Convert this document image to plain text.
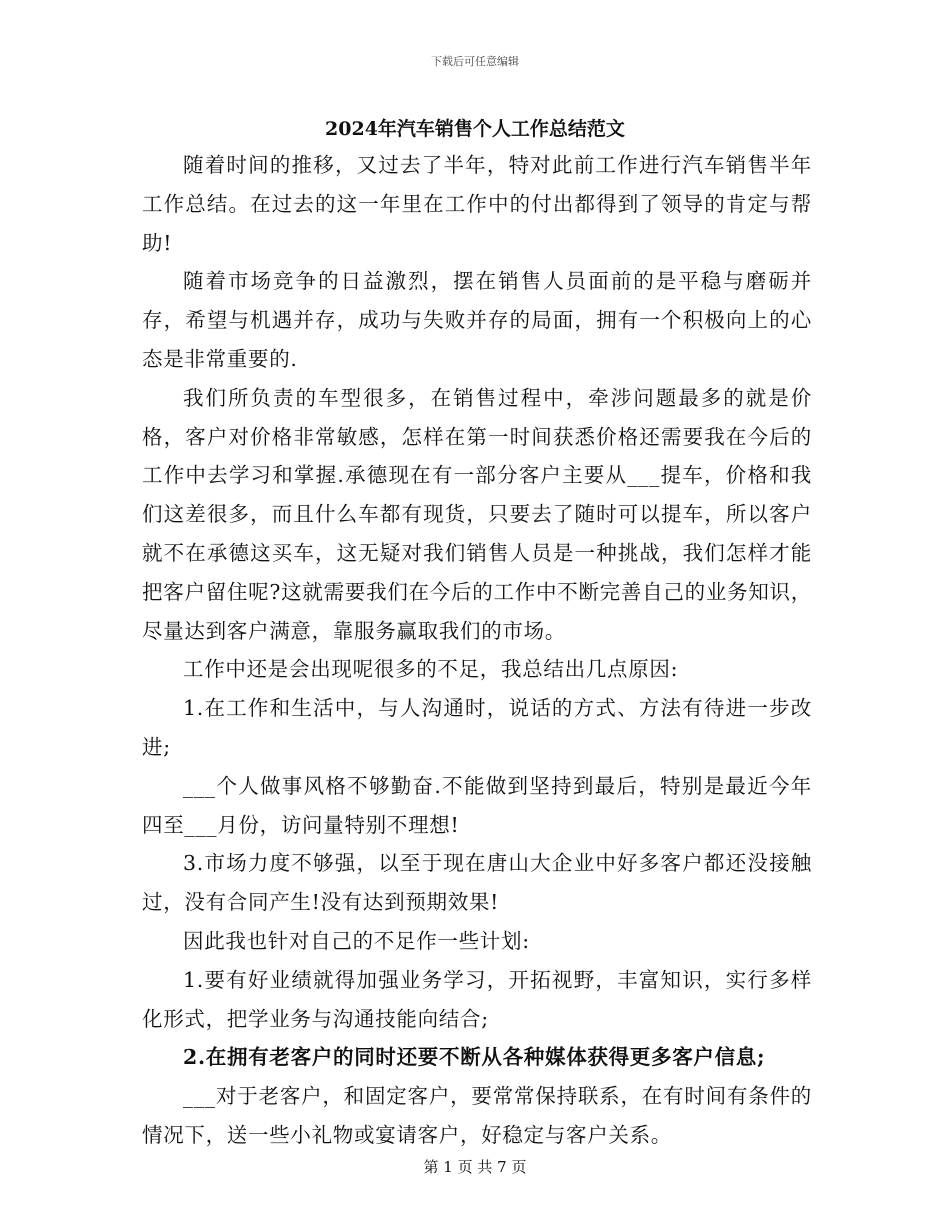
下载后可任意编辑
2024年汽车销售个人工作总结范文

随着时间的推移，又过去了半年，特对此前工作进行汽车销售半年工作总结。在过去的这一年里在工作中的付出都得到了领导的肯定与帮助!

随着市场竞争的日益激烈，摆在销售人员面前的是平稳与磨砺并存，希望与机遇并存，成功与失败并存的局面，拥有一个积极向上的心态是非常重要的.

我们所负责的车型很多，在销售过程中，牵涉问题最多的就是价格，客户对价格非常敏感，怎样在第一时间获悉价格还需要我在今后的工作中去学习和掌握.承德现在有一部分客户主要从___提车，价格和我们这差很多，而且什么车都有现货，只要去了随时可以提车，所以客户就不在承德这买车，这无疑对我们销售人员是一种挑战，我们怎样才能把客户留住呢?这就需要我们在今后的工作中不断完善自己的业务知识，尽量达到客户满意，靠服务赢取我们的市场。

工作中还是会出现呢很多的不足，我总结出几点原因:

1.在工作和生活中，与人沟通时，说话的方式、方法有待进一步改进;

___个人做事风格不够勤奋.不能做到坚持到最后，特别是最近今年四至___月份，访问量特别不理想!

3.市场力度不够强，以至于现在唐山大企业中好多客户都还没接触过，没有合同产生!没有达到预期效果!

因此我也针对自己的不足作一些计划:

1.要有好业绩就得加强业务学习，开拓视野，丰富知识，实行多样化形式，把学业务与沟通技能向结合;

2.在拥有老客户的同时还要不断从各种媒体获得更多客户信息;

___对于老客户，和固定客户，要常常保持联系，在有时间有条件的情况下，送一些小礼物或宴请客户，好稳定与客户关系。

第 1 页 共 7 页
